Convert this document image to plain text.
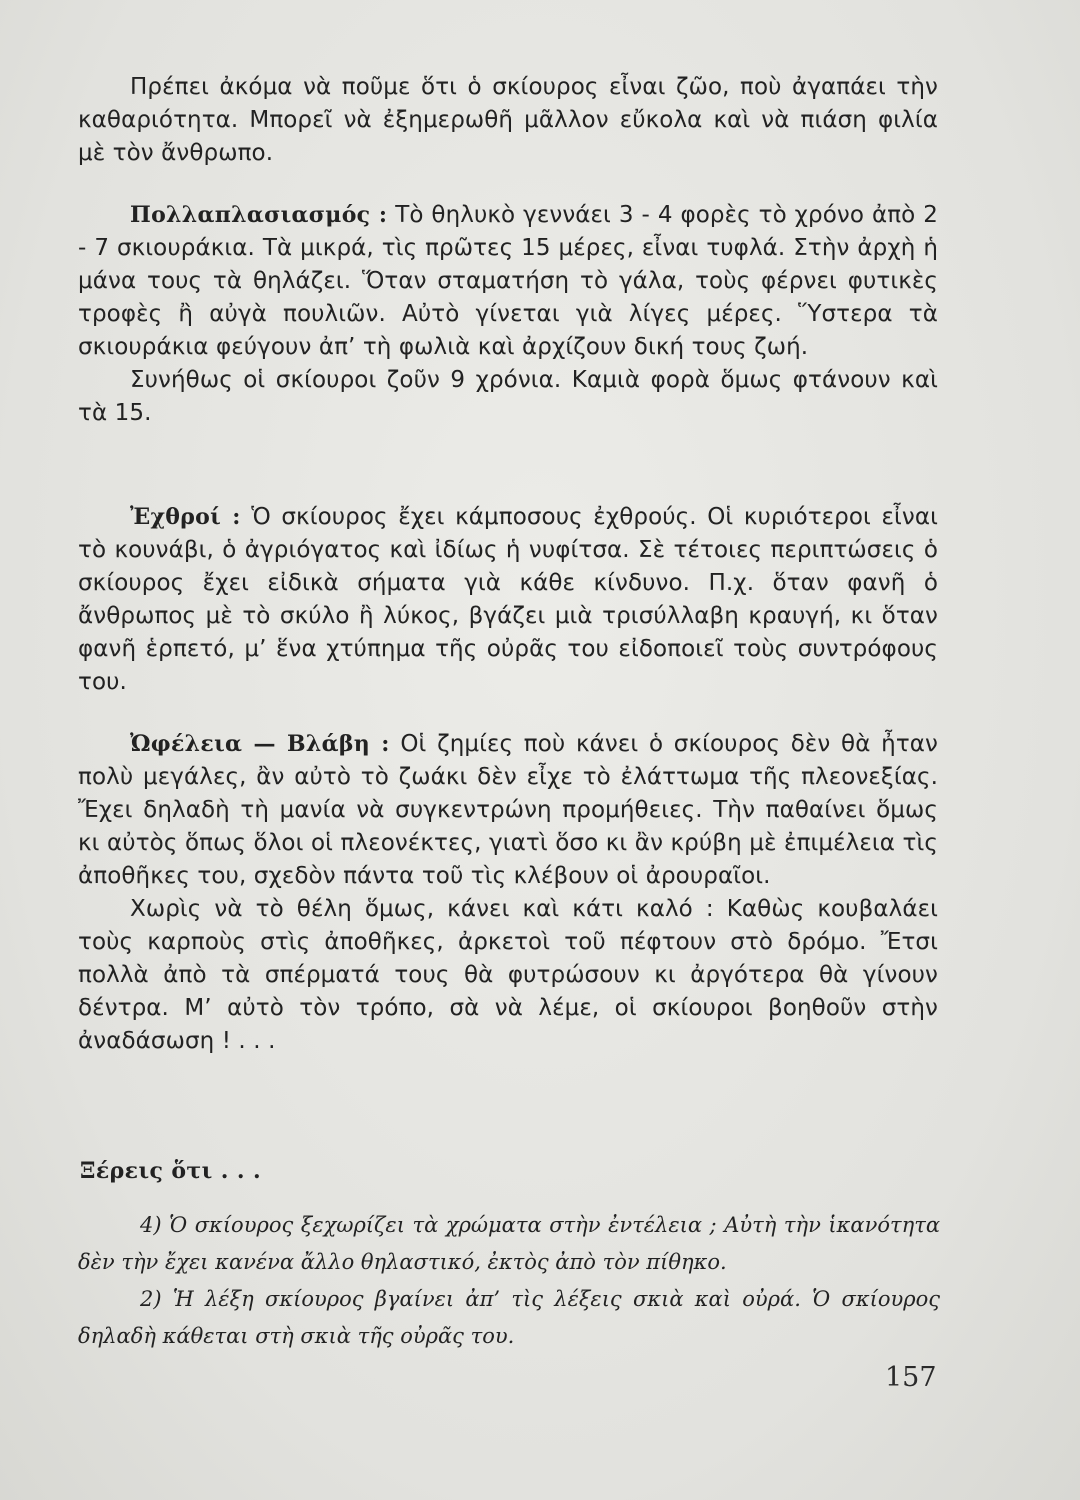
Πρέπει ἀκόμα νὰ ποῦμε ὅτι ὁ σκίουρος εἶναι ζῶο, ποὺ ἀγαπάει τὴν καθαριότητα. Μπορεῖ νὰ ἐξημερωθῆ μᾶλλον εὔκολα καὶ νὰ πιάση φιλία μὲ τὸν ἄνθρωπο.

Πολλαπλασιασμός : Τὸ θηλυκὸ γεννάει 3 - 4 φορὲς τὸ χρόνο ἀπὸ 2 - 7 σκιουράκια. Τὰ μικρά, τὶς πρῶτες 15 μέρες, εἶναι τυφλά. Στὴν ἀρχὴ ἡ μάνα τους τὰ θηλάζει. Ὅταν σταματήση τὸ γάλα, τοὺς φέρνει φυτικὲς τροφὲς ἢ αὐγὰ πουλιῶν. Αὐτὸ γίνεται γιὰ λίγες μέρες. Ὕστερα τὰ σκιουράκια φεύγουν ἀπ’ τὴ φωλιὰ καὶ ἀρχίζουν δική τους ζωή.

Συνήθως οἱ σκίουροι ζοῦν 9 χρόνια. Καμιὰ φορὰ ὅμως φτάνουν καὶ τὰ 15.

Ἐχθροί : Ὁ σκίουρος ἔχει κάμποσους ἐχθρούς. Οἱ κυριότεροι εἶναι τὸ κουνάβι, ὁ ἀγριόγατος καὶ ἰδίως ἡ νυφίτσα. Σὲ τέτοιες περιπτώσεις ὁ σκίουρος ἔχει εἰδικὰ σήματα γιὰ κάθε κίνδυνο. Π.χ. ὅταν φανῆ ὁ ἄνθρωπος μὲ τὸ σκύλο ἢ λύκος, βγάζει μιὰ τρισύλλαβη κραυγή, κι ὅταν φανῆ ἑρπετό, μ’ ἕνα χτύπημα τῆς οὐρᾶς του εἰδοποιεῖ τοὺς συντρόφους του.

Ὠφέλεια — Βλάβη : Οἱ ζημίες ποὺ κάνει ὁ σκίουρος δὲν θὰ ἦταν πολὺ μεγάλες, ἂν αὐτὸ τὸ ζωάκι δὲν εἶχε τὸ ἐλάττωμα τῆς πλεονεξίας. Ἔχει δηλαδὴ τὴ μανία νὰ συγκεντρώνη προμήθειες. Τὴν παθαίνει ὅμως κι αὐτὸς ὅπως ὅλοι οἱ πλεονέκτες, γιατὶ ὅσο κι ἂν κρύβη μὲ ἐπιμέλεια τὶς ἀποθῆκες του, σχεδὸν πάντα τοῦ τὶς κλέβουν οἱ ἀρουραῖοι.

Χωρὶς νὰ τὸ θέλη ὅμως, κάνει καὶ κάτι καλό : Καθὼς κουβαλάει τοὺς καρποὺς στὶς ἀποθῆκες, ἀρκετοὶ τοῦ πέφτουν στὸ δρόμο. Ἔτσι πολλὰ ἀπὸ τὰ σπέρματά τους θὰ φυτρώσουν κι ἀργότερα θὰ γίνουν δέντρα. Μ’ αὐτὸ τὸν τρόπο, σὰ νὰ λέμε, οἱ σκίουροι βοηθοῦν στὴν ἀναδάσωση ! . . .

Ξέρεις ὅτι . . .

4) Ὁ σκίουρος ξεχωρίζει τὰ χρώματα στὴν ἐντέλεια ; Αὐτὴ τὴν ἱκανότητα δὲν τὴν ἔχει κανένα ἄλλο θηλαστικό, ἐκτὸς ἀπὸ τὸν πίθηκο.

2) Ἡ λέξη σκίουρος βγαίνει ἀπ’ τὶς λέξεις σκιὰ καὶ οὐρά. Ὁ σκίουρος δηλαδὴ κάθεται στὴ σκιὰ τῆς οὐρᾶς του.

157
